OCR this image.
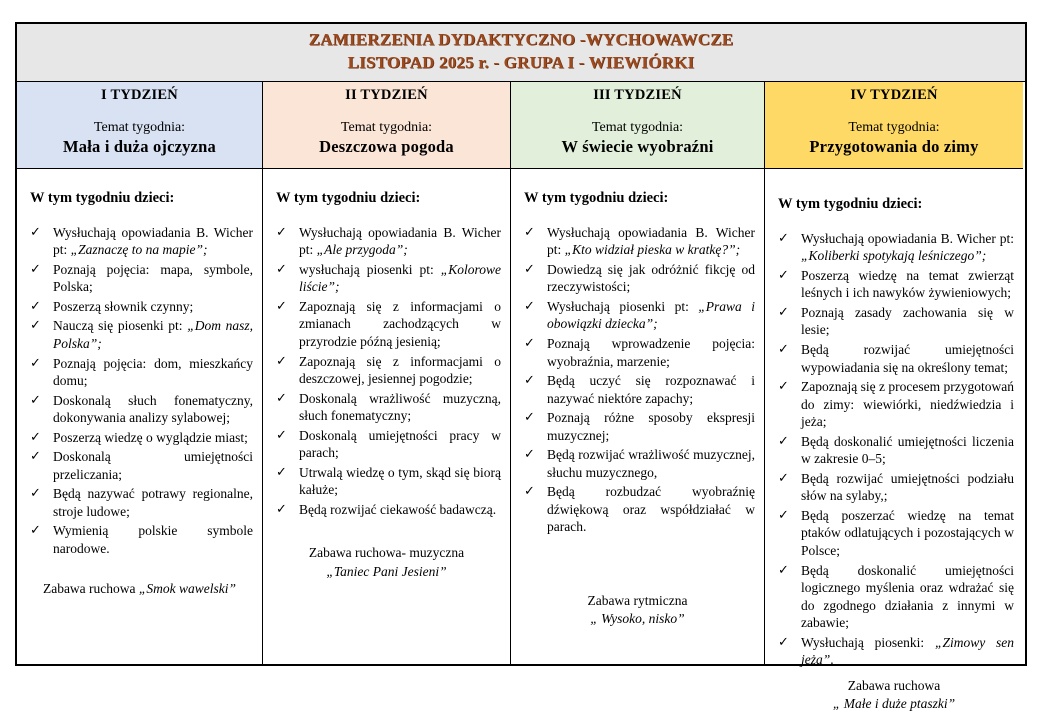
ZAMIERZENIA DYDAKTYCZNO -WYCHOWAWCZE
LISTOPAD 2025 r. - GRUPA I - WIEWIÓRKI
I TYDZIEŃ
Temat tygodnia:
Mała i duża ojczyzna
II TYDZIEŃ
Temat tygodnia:
Deszczowa pogoda
III TYDZIEŃ
Temat tygodnia:
W świecie wyobraźni
IV TYDZIEŃ
Temat tygodnia:
Przygotowania do zimy
W tym tygodniu dzieci:
✓ Wysłuchają opowiadania B. Wicher pt: „Zaznaczę to na mapie”;
✓ Poznają pojęcia: mapa, symbole, Polska;
✓ Poszerzą słownik czynny;
✓ Nauczą się piosenki pt: „Dom nasz, Polska”;
✓ Poznają pojęcia: dom, mieszkańcy domu;
✓ Doskonalą słuch fonematyczny, dokonywania analizy sylabowej;
✓ Poszerzą wiedzę o wyglądzie miast;
✓ Doskonalą umiejętności przeliczania;
✓ Będą nazywać potrawy regionalne, stroje ludowe;
✓ Wymienią polskie symbole narodowe.
Zabawa ruchowa „Smok wawelski”
W tym tygodniu dzieci:
✓ Wysłuchają opowiadania B. Wicher pt: „Ale przygoda”;
✓ wysłuchają piosenki pt: „Kolorowe liście”;
✓ Zapoznają się z informacjami o zmianach zachodzących w przyrodzie późną jesienią;
✓ Zapoznają się z informacjami o deszczowej, jesiennej pogodzie;
✓ Doskonalą wrażliwość muzyczną, słuch fonematyczny;
✓ Doskonalą umiejętności pracy w parach;
✓ Utrwalą wiedzę o tym, skąd się biorą kałuże;
✓ Będą rozwijać ciekawość badawczą.
Zabawa ruchowa- muzyczna
„Taniec Pani Jesieni”
W tym tygodniu dzieci:
✓ Wysłuchają opowiadania B. Wicher pt: „Kto widział pieska w kratkę?”;
✓ Dowiedzą się jak odróżnić fikcję od rzeczywistości;
✓ Wysłuchają piosenki pt: „Prawa i obowiązki dziecka”;
✓ Poznają wprowadzenie pojęcia: wyobraźnia, marzenie;
✓ Będą uczyć się rozpoznawać i nazywać niektóre zapachy;
✓ Poznają różne sposoby ekspresji muzycznej;
✓ Będą rozwijać wrażliwość muzycznej, słuchu muzycznego,
✓ Będą rozbudzać wyobraźnię dźwiękową oraz współdziałać w parach.
Zabawa rytmiczna
„ Wysoko, nisko”
W tym tygodniu dzieci:
✓ Wysłuchają opowiadania B. Wicher pt: „Koliberki spotykają leśniczego”;
✓ Poszerzą wiedzę na temat zwierząt leśnych i ich nawyków żywieniowych;
✓ Poznają zasady zachowania się w lesie;
✓ Będą rozwijać umiejętności wypowiadania się na określony temat;
✓ Zapoznają się z procesem przygotowań do zimy: wiewiórki, niedźwiedzia i jeża;
✓ Będą doskonalić umiejętności liczenia w zakresie 0–5;
✓ Będą rozwijać umiejętności podziału słów na sylaby,;
✓ Będą poszerzać wiedzę na temat ptaków odlatujących i pozostających w Polsce;
✓ Będą doskonalić umiejętności logicznego myślenia oraz wdrażać się do zgodnego działania z innymi w zabawie;
✓ Wysłuchają piosenki: „Zimowy sen jeża”.
Zabawa ruchowa
„ Małe i duże ptaszki”
